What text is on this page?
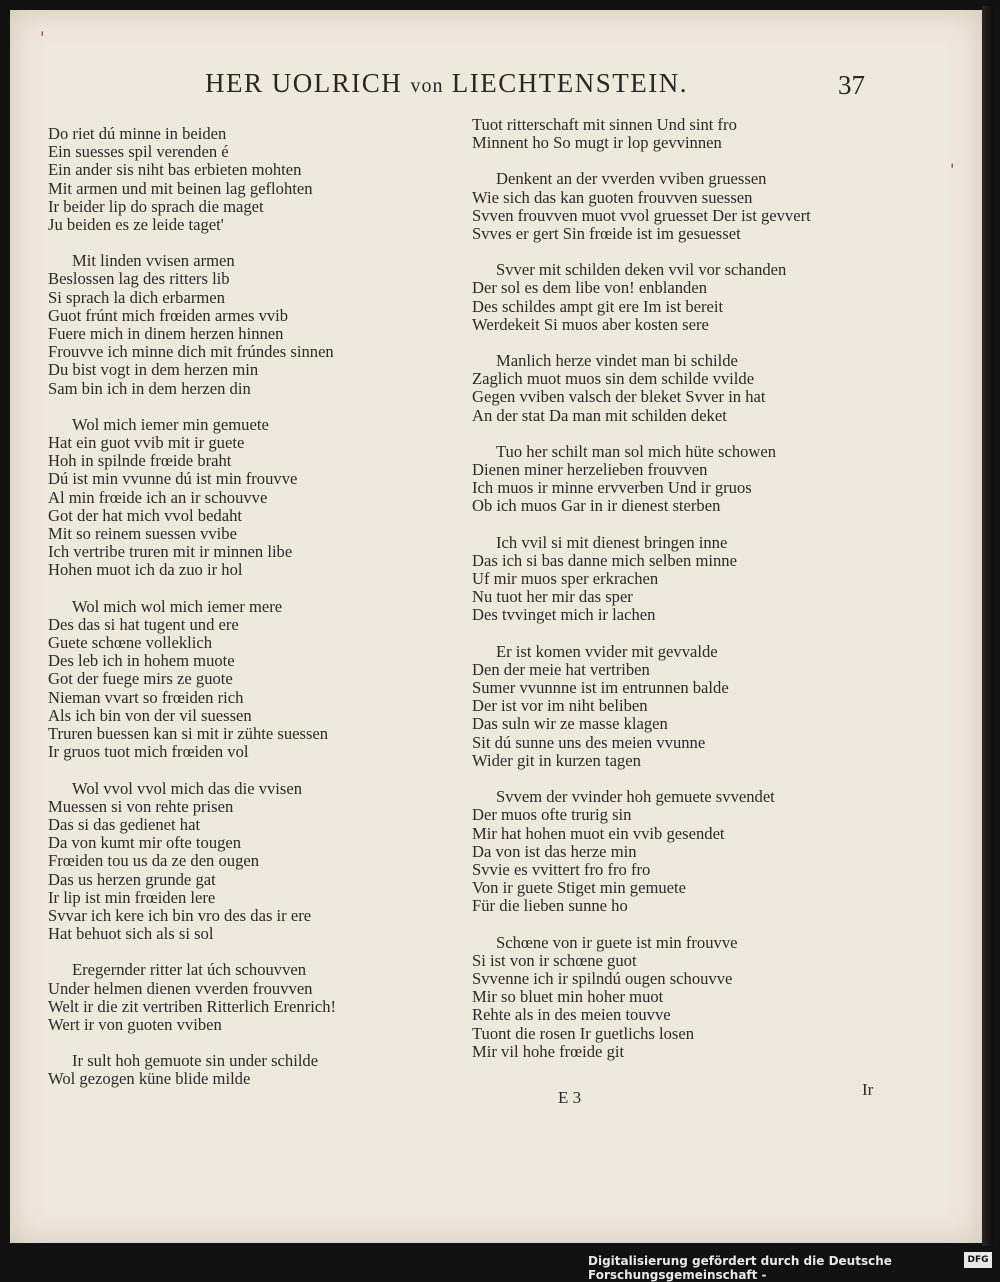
HER UOLRICH von LIECHTENSTEIN.	37
Do riet dú minne in beiden
Ein suesses spil verenden é
Ein ander sis niht bas erbieten mohten
Mit armen und mit beinen lag geflohten
Ir beider lip do sprach die maget
Ju beiden es ze leide taget'
Mit linden vvisen armen
Beslossen lag des ritters lib
Si sprach la dich erbarmen
Guot frúnt mich frœiden armes vvib
Fuere mich in dinem herzen hinnen
Frouvve ich minne dich mit frúndes sinnen
Du bist vogt in dem herzen min
Sam bin ich in dem herzen din
Wol mich iemer min gemuete
Hat ein guot vvib mit ir guete
Hoh in spilnde frœide braht
Dú ist min vvunne dú ist min frouvve
Al min frœide ich an ir schouvve
Got der hat mich vvol bedaht
Mit so reinem suessen vvibe
Ich vertribe truren mit ir minnen libe
Hohen muot ich da zuo ir hol
Wol mich wol mich iemer mere
Des das si hat tugent und ere
Guete schœne volleklich
Des leb ich in hohem muote
Got der fuege mirs ze guote
Nieman vvart so frœiden rich
Als ich bin von der vil suessen
Truren buessen kan si mit ir zühte suessen
Ir gruos tuot mich frœiden vol
Wol vvol vvol mich das die vvisen
Muessen si von rehte prisen
Das si das gedienet hat
Da von kumt mir ofte tougen
Frœiden tou us da ze den ougen
Das us herzen grunde gat
Ir lip ist min frœiden lere
Svvar ich kere ich bin vro des das ir ere
Hat behuot sich als si sol
Eregernder ritter lat úch schouvven
Under helmen dienen vverden frouvven
Welt ir die zit vertriben Ritterlich Erenrich!
Wert ir von guoten vviben
Ir sult hoh gemuote sin under schilde
Wol gezogen küne blide milde
Tuot ritterschaft mit sinnen Und sint fro
Minnent ho So mugt ir lop gevvinnen
Denkent an der vverden vviben gruessen
Wie sich das kan guoten frouvven suessen
Svven frouvven muot vvol gruesset Der ist gevvert
Svves er gert Sin frœide ist im gesuesset
Svver mit schilden deken vvil vor schanden
Der sol es dem libe von! enblanden
Des schildes ampt git ere Im ist bereit
Werdekeit Si muos aber kosten sere
Manlich herze vindet man bi schilde
Zaglich muot muos sin dem schilde vvilde
Gegen vviben valsch der bleket Svver in hat
An der stat Da man mit schilden deket
Tuo her schilt man sol mich hüte schowen
Dienen miner herzelieben frouvven
Ich muos ir minne ervverben Und ir gruos
Ob ich muos Gar in ir dienest sterben
Ich vvil si mit dienest bringen inne
Das ich si bas danne mich selben minne
Uf mir muos sper erkrachen
Nu tuot her mir das sper
Des tvvinget mich ir lachen
Er ist komen vvider mit gevvalde
Den der meie hat vertriben
Sumer vvunnne ist im entrunnen balde
Der ist vor im niht beliben
Das suln wir ze masse klagen
Sit dú sunne uns des meien vvunne
Wider git in kurzen tagen
Svvem der vvinder hoh gemuete svvendet
Der muos ofte trurig sin
Mir hat hohen muot ein vvib gesendet
Da von ist das herze min
Svvie es vvittert fro fro fro
Von ir guete Stiget min gemuete
Für die lieben sunne ho
Schœne von ir guete ist min frouvve
Si ist von ir schœne guot
Svvenne ich ir spilndú ougen schouvve
Mir so bluet min hoher muot
Rehte als in des meien touvve
Tuont die rosen Ir guetlichs losen
Mir vil hohe frœide git
E 3	Ir
'
'
Digitalisierung gefördert durch die Deutsche Forschungsgemeinschaft -
DFG
